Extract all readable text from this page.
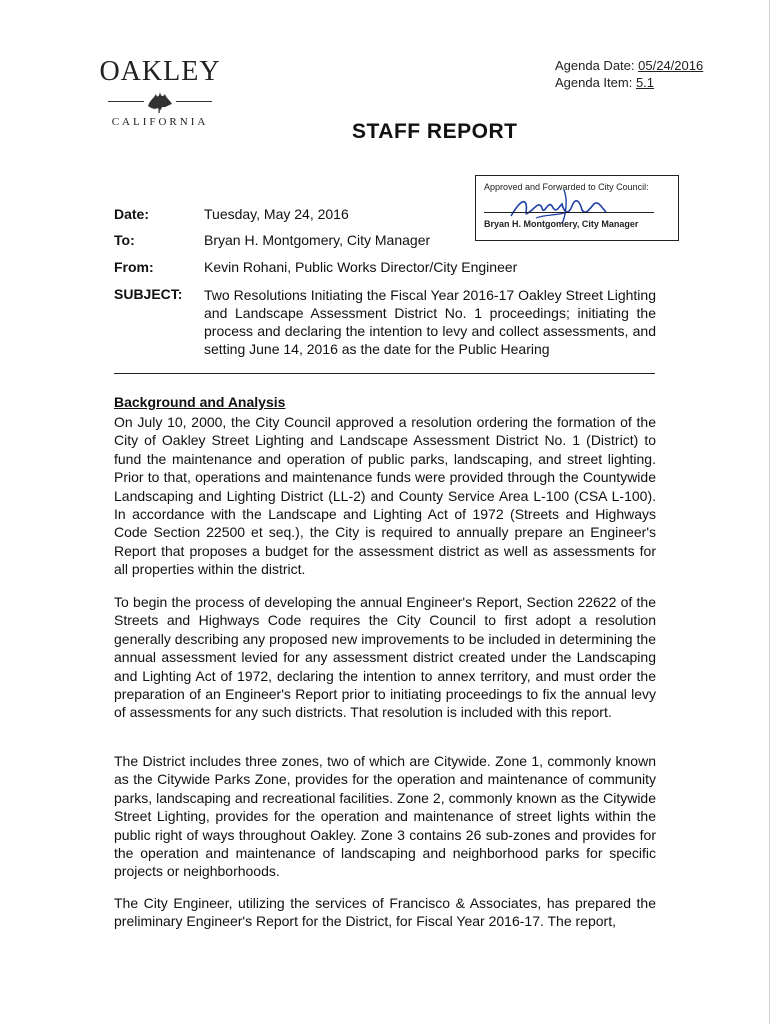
OAKLEY
CALIFORNIA
Agenda Date: 05/24/2016
Agenda Item: 5.1
STAFF REPORT
Approved and Forwarded to City Council:
Bryan H. Montgomery, City Manager
Date:	Tuesday, May 24, 2016
To:	Bryan H. Montgomery, City Manager
From:	Kevin Rohani, Public Works Director/City Engineer
SUBJECT: Two Resolutions Initiating the Fiscal Year 2016-17 Oakley Street Lighting and Landscape Assessment District No. 1 proceedings; initiating the process and declaring the intention to levy and collect assessments, and setting June 14, 2016 as the date for the Public Hearing
Background and Analysis
On July 10, 2000, the City Council approved a resolution ordering the formation of the City of Oakley Street Lighting and Landscape Assessment District No. 1 (District) to fund the maintenance and operation of public parks, landscaping, and street lighting. Prior to that, operations and maintenance funds were provided through the Countywide Landscaping and Lighting District (LL-2) and County Service Area L-100 (CSA L-100). In accordance with the Landscape and Lighting Act of 1972 (Streets and Highways Code Section 22500 et seq.), the City is required to annually prepare an Engineer's Report that proposes a budget for the assessment district as well as assessments for all properties within the district.
To begin the process of developing the annual Engineer's Report, Section 22622 of the Streets and Highways Code requires the City Council to first adopt a resolution generally describing any proposed new improvements to be included in determining the annual assessment levied for any assessment district created under the Landscaping and Lighting Act of 1972, declaring the intention to annex territory, and must order the preparation of an Engineer's Report prior to initiating proceedings to fix the annual levy of assessments for any such districts. That resolution is included with this report.
The District includes three zones, two of which are Citywide. Zone 1, commonly known as the Citywide Parks Zone, provides for the operation and maintenance of community parks, landscaping and recreational facilities. Zone 2, commonly known as the Citywide Street Lighting, provides for the operation and maintenance of street lights within the public right of ways throughout Oakley. Zone 3 contains 26 sub-zones and provides for the operation and maintenance of landscaping and neighborhood parks for specific projects or neighborhoods.
The City Engineer, utilizing the services of Francisco & Associates, has prepared the preliminary Engineer's Report for the District, for Fiscal Year 2016-17. The report,
